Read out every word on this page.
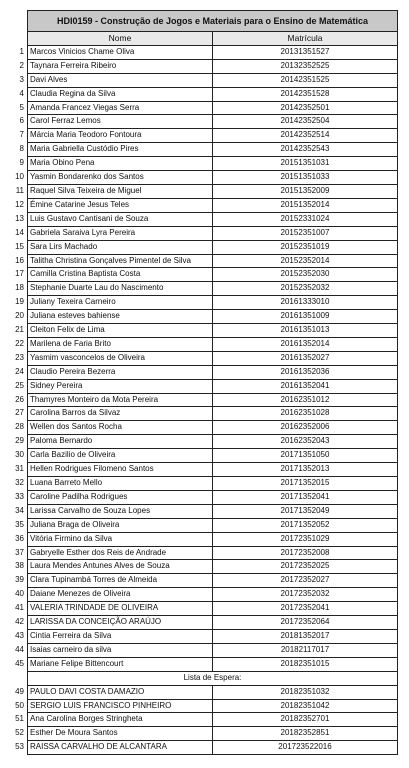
	HDI0159 - Construção de Jogos e Materiais para o Ensino de Matemática	
	Nome	Matrícula
1	Marcos Vinicios Chame Oliva	20131351527
2	Taynara Ferreira Ribeiro	20132352525
3	Davi Alves	20142351525
4	Claudia Regina da Silva	20142351528
5	Amanda Francez Viegas Serra	20142352501
6	Carol Ferraz Lemos	20142352504
7	Márcia Maria Teodoro Fontoura	20142352514
8	Maria Gabriella Custódio Pires	20142352543
9	Maria Obino Pena	20151351031
10	Yasmin Bondarenko dos Santos	20151351033
11	Raquel Silva Teixeira de Miguel	20151352009
12	Émine Catarine Jesus Teles	20151352014
13	Luis Gustavo Cantisani de Souza	20152331024
14	Gabriela Saraiva Lyra Pereira	20152351007
15	Sara Lirs Machado	20152351019
16	Talitha Christina Gonçalves Pimentel de Silva	20152352014
17	Camilla Cristina Baptista Costa	20152352030
18	Stephanie Duarte Lau do Nascimento	20152352032
19	Juliany Texeira Carneiro	20161333010
20	Juliana esteves bahiense	20161351009
21	Cleiton Felix de Lima	20161351013
22	Marilena de Faria Brito	20161352014
23	Yasmim vasconcelos de Oliveira	20161352027
24	Claudio Pereira Bezerra	20161352036
25	Sidney Pereira	20161352041
26	Thamyres Monteiro da Mota Pereira	20162351012
27	Carolina Barros da Silvaz	20162351028
28	Wellen dos Santos Rocha	20162352006
29	Paloma Bernardo	20162352043
30	Carla Bazilio de Oliveira	20171351050
31	Hellen Rodrigues Filomeno Santos	20171352013
32	Luana Barreto Mello	20171352015
33	Caroline Padilha Rodrigues	20171352041
34	Larissa Carvalho de Souza Lopes	20171352049
35	Juliana Braga de Oliveira	20171352052
36	Vitória Firmino da Silva	20172351029
37	Gabryelle Esther dos Reis de Andrade	20172352008
38	Laura Mendes Antunes Alves de Souza	20172352025
39	Clara Tupinambá Torres de Almeida	20172352027
40	Daiane Menezes de Oliveira	20172352032
41	VALERIA TRINDADE DE OLIVEIRA	20172352041
42	LARISSA DA CONCEIÇÃO ARAÚJO	20172352064
43	Cintia Ferreira da Silva	20181352017
44	Isaias carneiro da silva	20182117017
45	Mariane Felipe Bittencourt	20182351015
	Lista de Espera:	
49	PAULO DAVI COSTA DAMAZIO	20182351032
50	SERGIO LUIS FRANCISCO PINHEIRO	20182351042
51	Ana Carolina Borges Stringheta	20182352701
52	Esther De Moura Santos	20182352851
53	RAISSA CARVALHO DE ALCANTARA	201723522016
